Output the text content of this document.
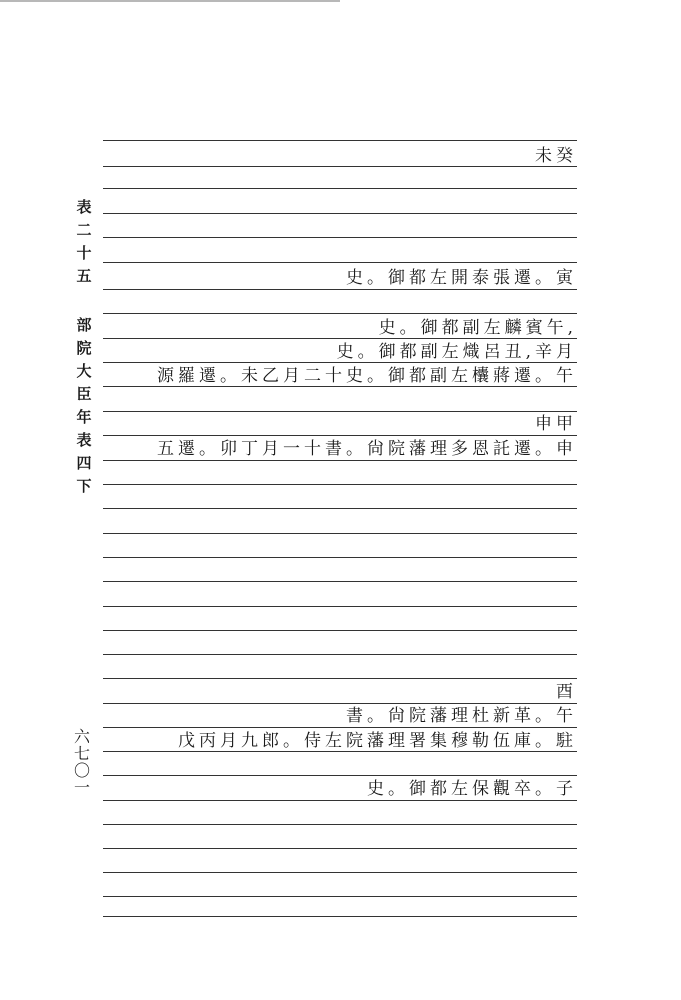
表
二
十
五
部
院
大
臣
年
表
四
下
六
七
〇
一
未癸
史。御都左開泰張遷。寅
史。御都副左麟賓午,
史。御都副左熾呂丑,辛月
源羅遷。未乙月二十史。御都副左欜蔣遷。午
申甲
五遷。卯丁月一十書。尙院藩理多恩託遷。申
酉
書。尙院藩理杜新革。午
戊丙月九郎。侍左院藩理署集穆勒伍庫。駐
史。御都左保觀卒。子
